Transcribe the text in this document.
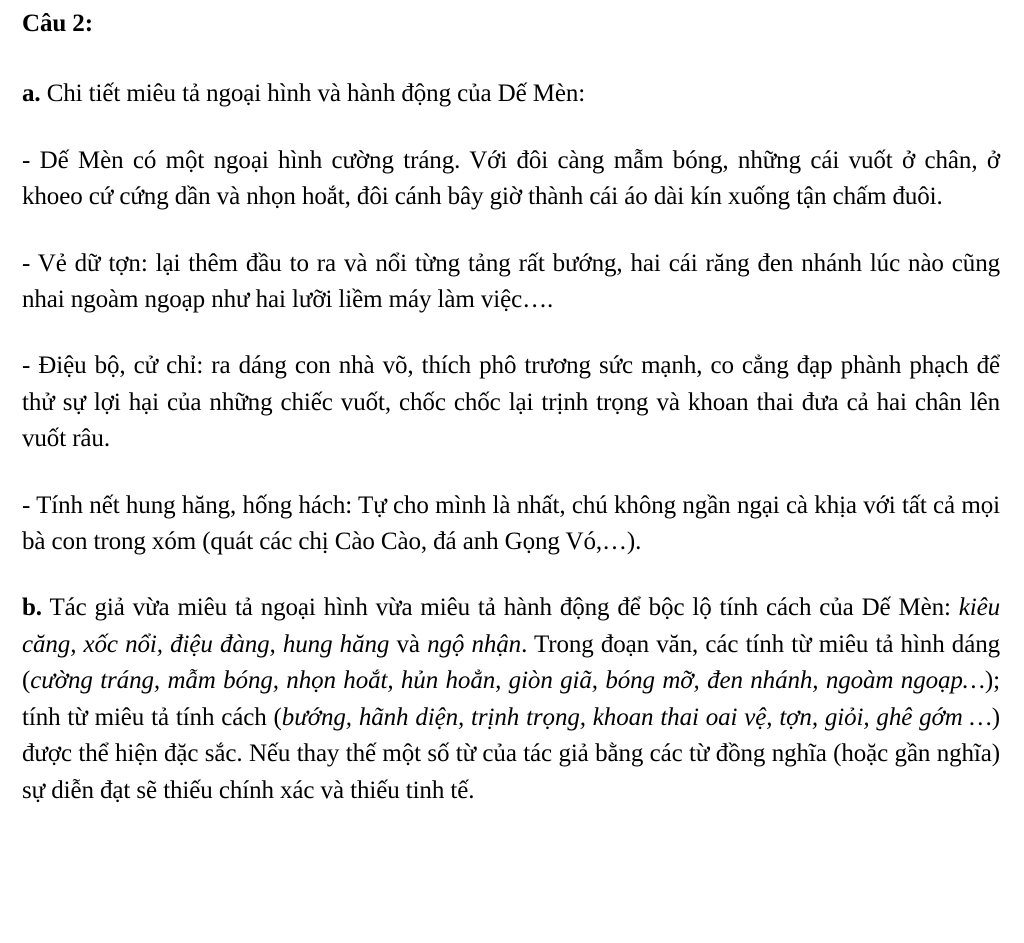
Câu 2:

a. Chi tiết miêu tả ngoại hình và hành động của Dế Mèn:

- Dế Mèn có một ngoại hình cường tráng. Với đôi càng mẫm bóng, những cái vuốt ở chân, ở khoeo cứ cứng dần và nhọn hoắt, đôi cánh bây giờ thành cái áo dài kín xuống tận chấm đuôi.

- Vẻ dữ tợn: lại thêm đầu to ra và nổi từng tảng rất bướng, hai cái răng đen nhánh lúc nào cũng nhai ngoàm ngoạp như hai lưỡi liềm máy làm việc….

- Điệu bộ, cử chỉ: ra dáng con nhà võ, thích phô trương sức mạnh, co cẳng đạp phành phạch để thử sự lợi hại của những chiếc vuốt, chốc chốc lại trịnh trọng và khoan thai đưa cả hai chân lên vuốt râu.

- Tính nết hung hăng, hống hách: Tự cho mình là nhất, chú không ngần ngại cà khịa với tất cả mọi bà con trong xóm (quát các chị Cào Cào, đá anh Gọng Vó,…).

b. Tác giả vừa miêu tả ngoại hình vừa miêu tả hành động để bộc lộ tính cách của Dế Mèn: kiêu căng, xốc nổi, điệu đàng, hung hăng và ngộ nhận. Trong đoạn văn, các tính từ miêu tả hình dáng (cường tráng, mẫm bóng, nhọn hoắt, hủn hoẳn, giòn giã, bóng mỡ, đen nhánh, ngoàm ngoạp…); tính từ miêu tả tính cách (bướng, hãnh diện, trịnh trọng, khoan thai oai vệ, tợn, giỏi, ghê gớm …) được thể hiện đặc sắc. Nếu thay thế một số từ của tác giả bằng các từ đồng nghĩa (hoặc gần nghĩa) sự diễn đạt sẽ thiếu chính xác và thiếu tinh tế.
